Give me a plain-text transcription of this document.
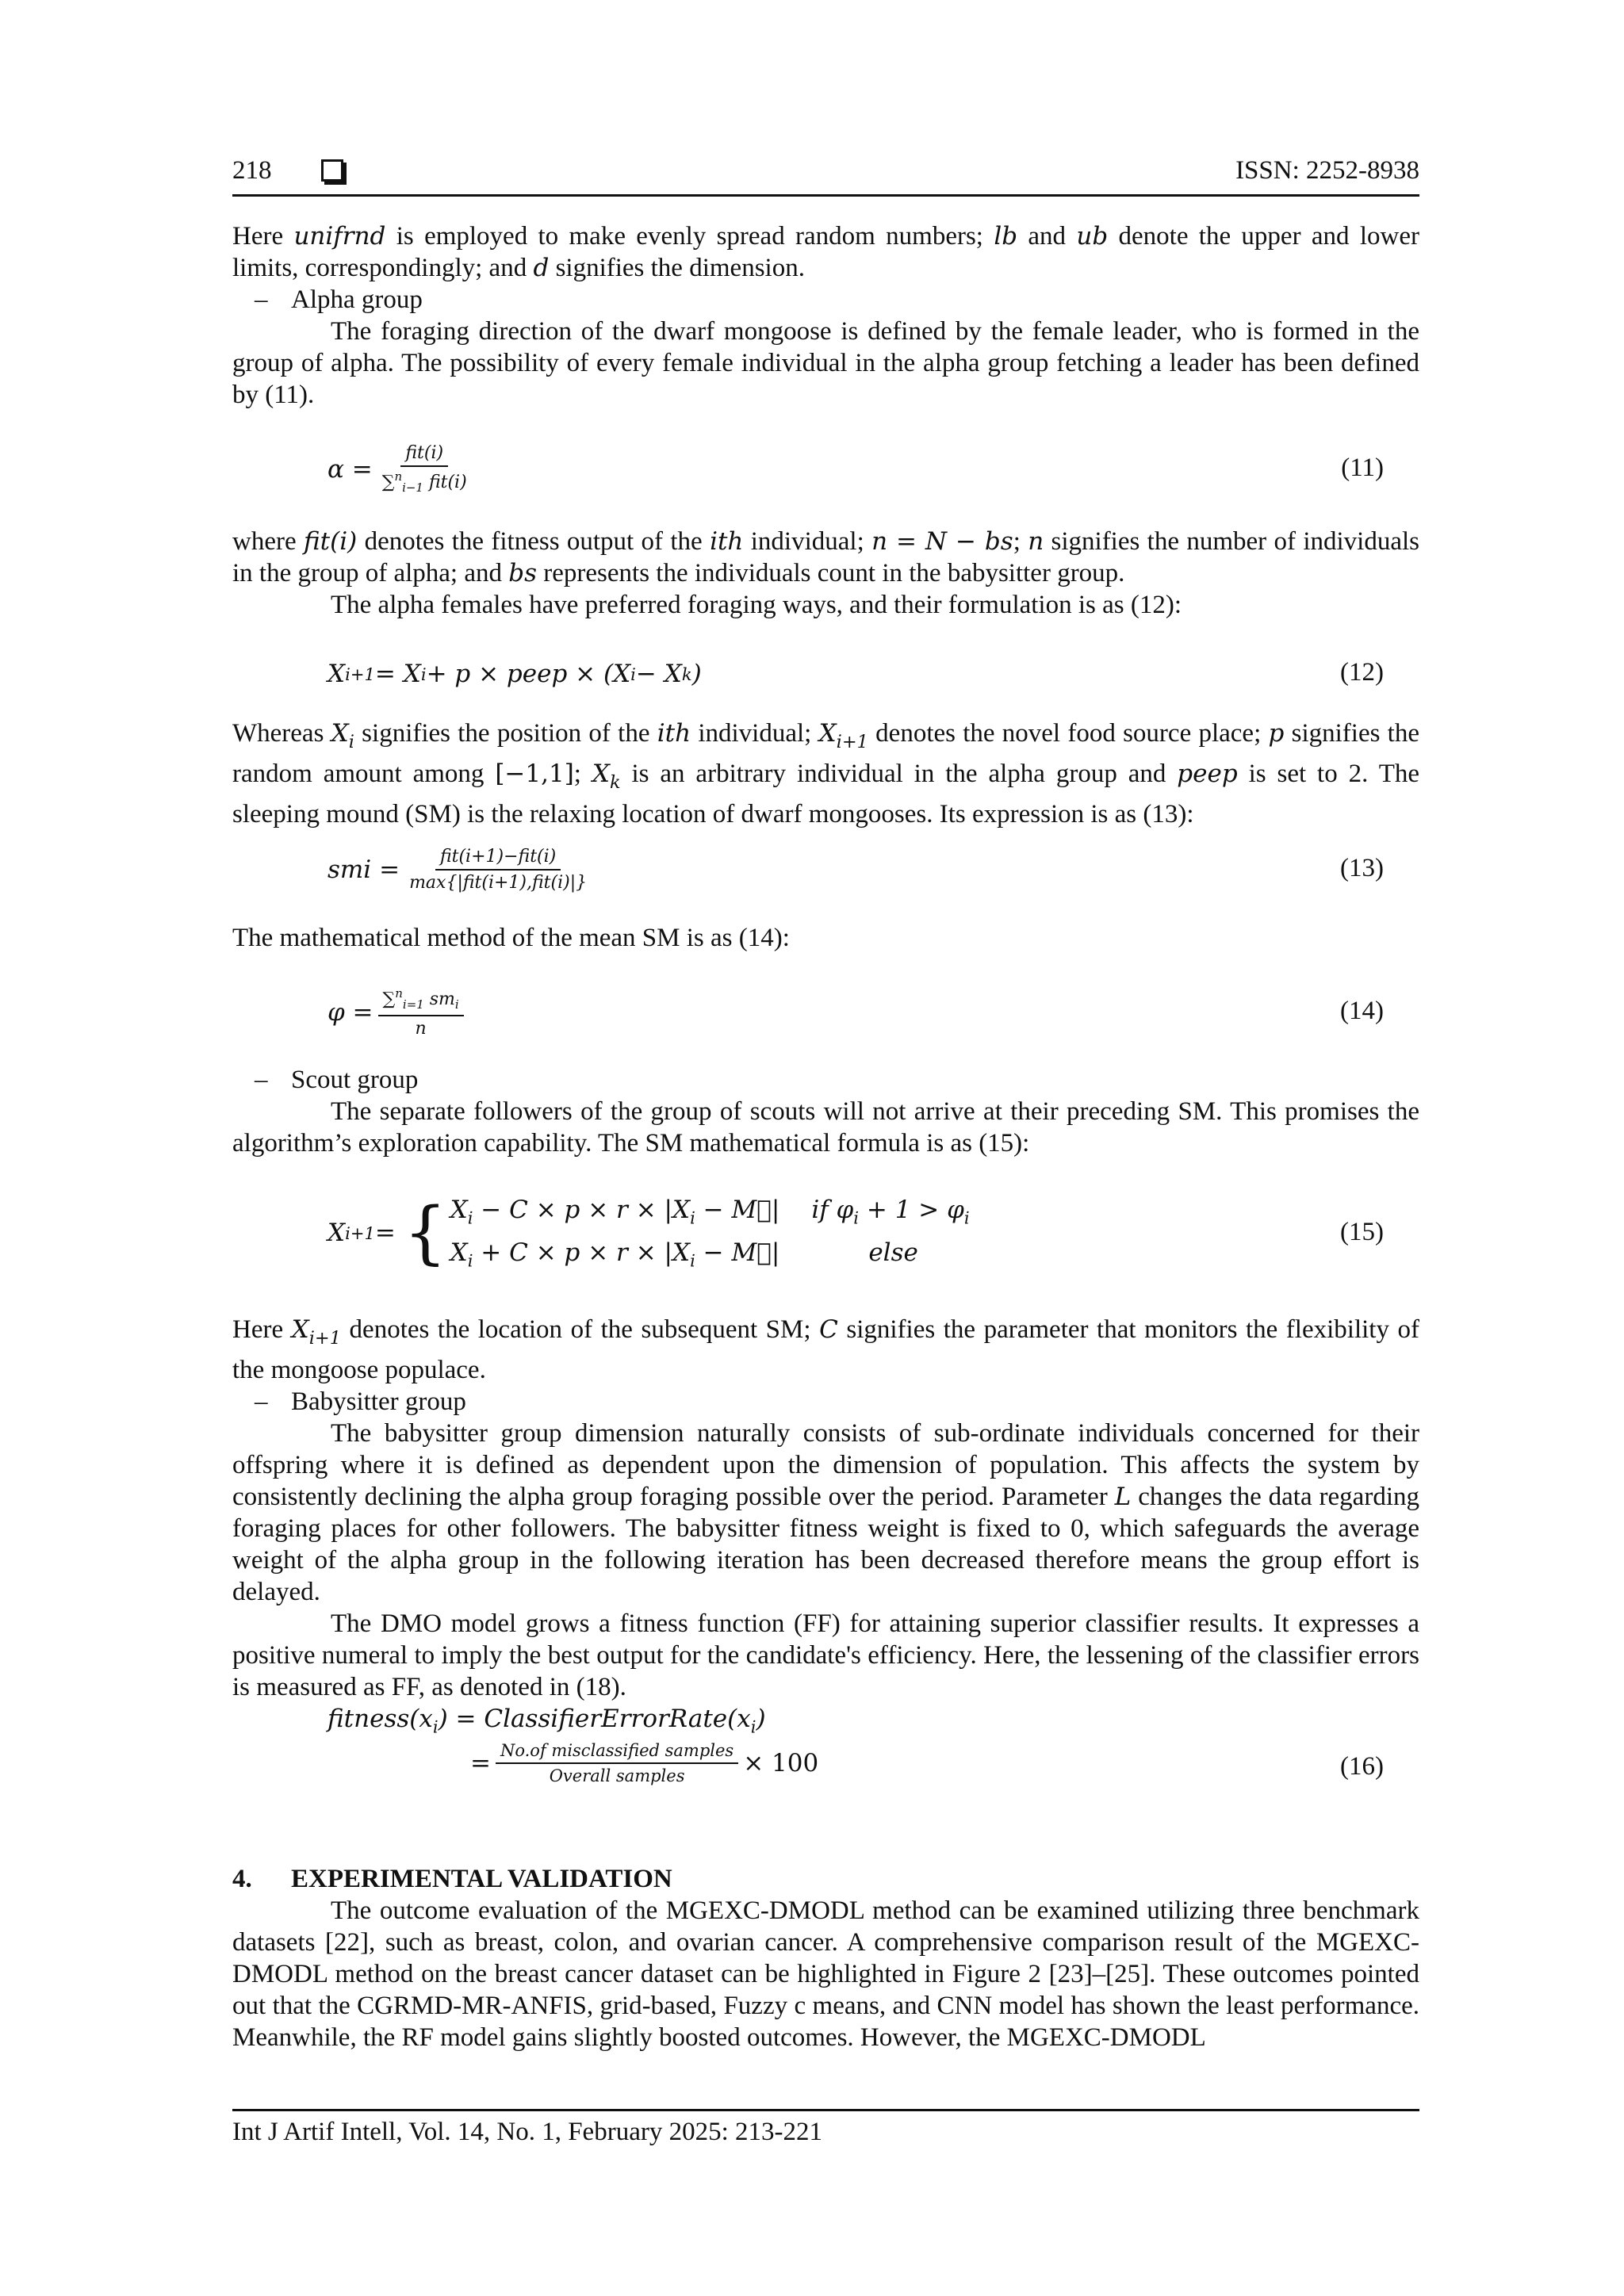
218	ISSN: 2252-8938

Here unifrnd is employed to make evenly spread random numbers; lb and ub denote the upper and lower limits, correspondingly; and d signifies the dimension.

– Alpha group

The foraging direction of the dwarf mongoose is defined by the female leader, who is formed in the group of alpha. The possibility of every female individual in the alpha group fetching a leader has been defined by (11).

$\alpha = \frac{\text{fit(i)}}{\sum^n_{i-1} fit(i)}$	(11)

where fit(i) denotes the fitness output of the ith individual; n = N − bs; n signifies the number of individuals in the group of alpha; and bs represents the individuals count in the babysitter group.

The alpha females have preferred foraging ways, and their formulation is as (12):

X i+1 = X i + p × peep × (X i − X k )	(12)

Whereas $X_i$ signifies the position of the ith individual; $X_{i+1}$ denotes the novel food source place; p signifies the random amount among [−1,1]; $X_k$ is an arbitrary individual in the alpha group and peep is set to 2. The sleeping mound (SM) is the relaxing location of dwarf mongooses. Its expression is as (13):

smi = $\frac{\text{fit(i+1)−fit(i)}}{\text{max\{|fit(i+1),fit(i)|\}}}$	(13)

The mathematical method of the mean SM is as (14):

$\varphi = \frac{\sum^n_{i=1} sm_i}{n}$	(14)

– Scout group

The separate followers of the group of scouts will not arrive at their preceding SM. This promises the algorithm’s exploration capability. The SM mathematical formula is as (15):

X i+1 = { $X_i - C \times p \times r \times |X_i$ − M⃗| if $\varphi_i + 1 > \varphi_i$
$X_i + C \times p \times r \times |X_i$ − M⃗|	else
(15)

Here $X_{i+1}$ denotes the location of the subsequent SM; C signifies the parameter that monitors the flexibility of the mongoose populace.

– Babysitter group

The babysitter group dimension naturally consists of sub-ordinate individuals concerned for their offspring where it is defined as dependent upon the dimension of population. This affects the system by consistently declining the alpha group foraging possible over the period. Parameter L changes the data regarding foraging places for other followers. The babysitter fitness weight is fixed to 0, which safeguards the average weight of the alpha group in the following iteration has been decreased therefore means the group effort is delayed.

The DMO model grows a fitness function (FF) for attaining superior classifier results. It expresses a positive numeral to imply the best output for the candidate's efficiency. Here, the lessening of the classifier errors is measured as FF, as denoted in (18).

$fitness(x_i)$ = $ClassifierErrorRate(x_i)$
= $\frac{\text{No.of misclassified samples}}{\text{Overall samples}} \times 100$	(16)

4. EXPERIMENTAL VALIDATION

The outcome evaluation of the MGEXC-DMODL method can be examined utilizing three benchmark datasets [22], such as breast, colon, and ovarian cancer. A comprehensive comparison result of the MGEXC-DMODL method on the breast cancer dataset can be highlighted in Figure 2 [23]–[25]. These outcomes pointed out that the CGRMD-MR-ANFIS, grid-based, Fuzzy c means, and CNN model has shown the least performance. Meanwhile, the RF model gains slightly boosted outcomes. However, the MGEXC-DMODL

Int J Artif Intell, Vol. 14, No. 1, February 2025: 213-221
